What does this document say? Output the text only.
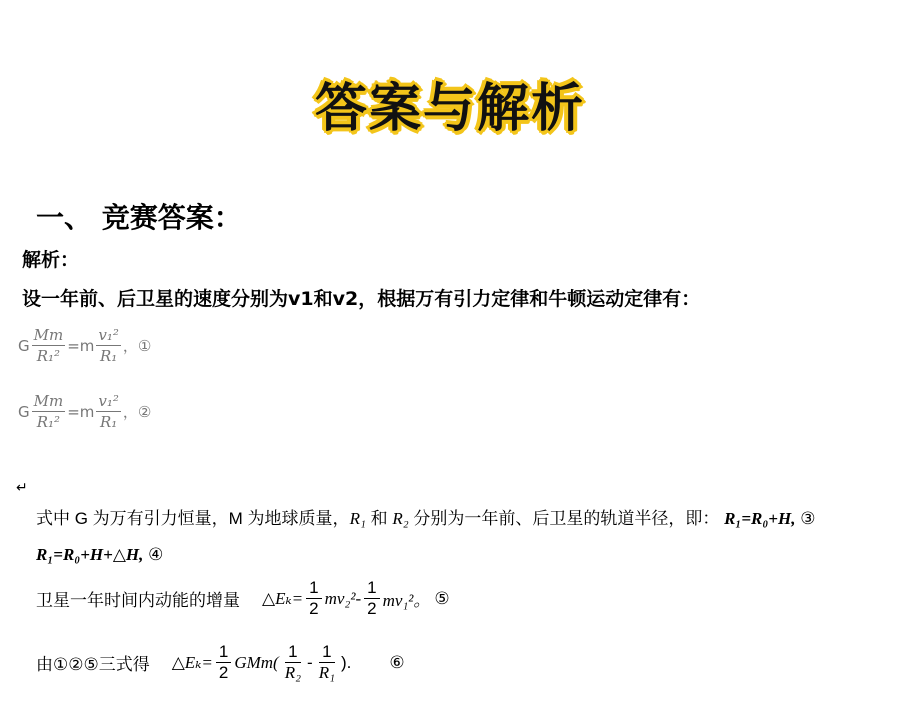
答案与解析
一、 竞赛答案：
解析：
设一年前、后卫星的速度分别为v1和v2，根据万有引力定律和牛顿运动定律有：
G $\frac{Mm}{\text{R₁²}} =m \frac{\text{v₁²}}{\text{R₁}}$ ，①
G $\frac{Mm}{\text{R₁²}} =m \frac{\text{v₁²}}{\text{R₁}}$ ，②
↵
式中 G 为万有引力恒量，M 为地球质量，R₁ 和 R₂ 分别为一年前、后卫星的轨道半径，即： R₁=R₀+H, ③
R₁=R₀+H+△H, ④
卫星一年时间内动能的增量 △Eₖ= $\frac{1}{2} mv_2^2- \frac{1}{2} mv_1^2$。 ⑤
由①②⑤三式得 △Eₖ= $\frac{1}{2} GMm( \frac{1}{\text{R₂}} - \frac{1}{\text{R₁}}$ ). ⑥
